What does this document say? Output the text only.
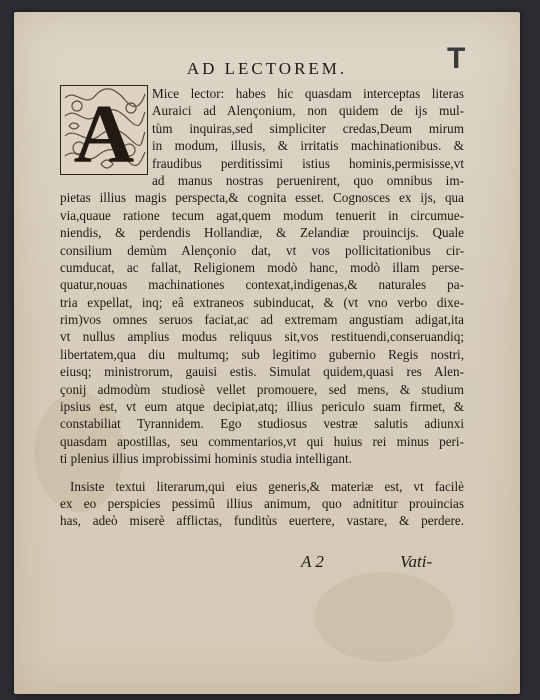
T
AD LECTOREM.
Mice lector: habes hic quasdam interceptas literas
Auraici ad Alençonium, non quidem de ijs mul-
tùm inquiras,sed simpliciter credas,Deum mirum
in modum, illusis, & irritatis machinationibus. &
fraudibus perditissimi istius hominis,permisisse,vt
ad manus nostras peruenirent, quo omnibus im-
pietas illius magis perspecta,& cognita esset. Cognosces ex ijs, qua
via,quaue ratione tecum agat,quem modum tenuerit in circumue-
niendis, & perdendis Hollandiæ, & Zelandiæ prouincijs. Quale
consilium demùm Alençonio dat, vt vos pollicitationibus cir-
cumducat, ac fallat, Religionem modò hanc, modò illam perse-
quatur,nouas machinationes contexat,indigenas,& naturales pa-
tria expellat, inq; eâ extraneos subinducat, & (vt vno verbo dixe-
rim)vos omnes seruos faciat,ac ad extremam angustiam adigat,ita
vt nullus amplius modus reliquus sit,vos restituendi,conseruandiq;
libertatem,qua diu multumq; sub legitimo gubernio Regis nostri,
eiusq; ministrorum, gauisi estis. Simulat quidem,quasi res Alen-
çonij admodùm studiosè vellet promouere, sed mens, & studium
ipsius est, vt eum atque decipiat,atq; illius periculo suam firmet, &
constabiliat Tyrannidem. Ego studiosus vestræ salutis adiunxi
quasdam apostillas, seu commentarios,vt qui huius rei minus peri-
ti plenius illius improbissimi hominis studia intelligant.
Insiste textui literarum,qui eius generis,& materiæ est, vt facilè
ex eo perspicies pessimû illius animum, quo adnititur prouincias
has, adeò miserè afflictas, funditùs euertere, vastare, & perdere.
A
A 2	Vati-
